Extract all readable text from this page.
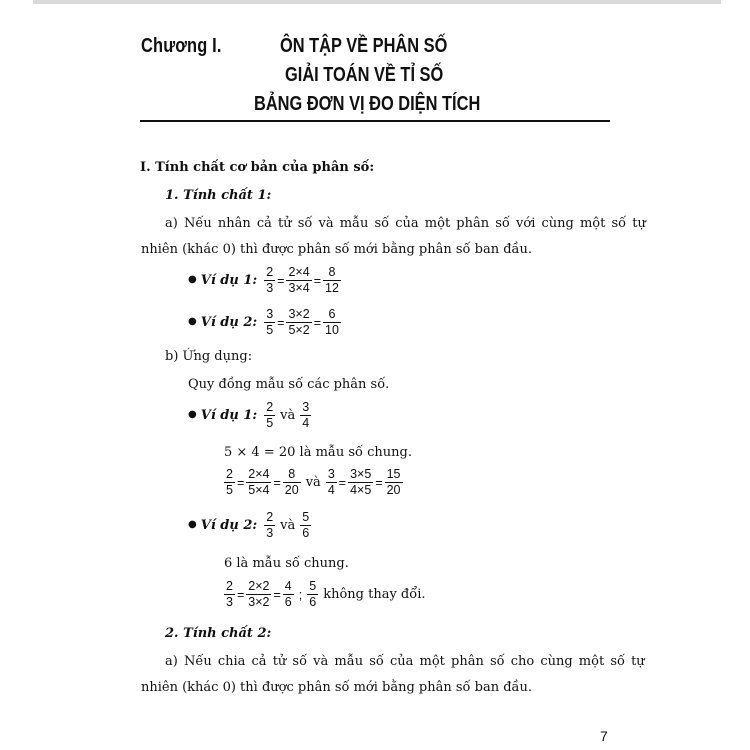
Chương I.	ÔN TẬP VỀ PHÂN SỐ
GIẢI TOÁN VỀ TỈ SỐ
BẢNG ĐƠN VỊ ĐO DIỆN TÍCH
I. Tính chất cơ bản của phân số:
1. Tính chất 1:
a) Nếu nhân cả tử số và mẫu số của một phân số với cùng một số tự
nhiên (khác 0) thì được phân số mới bằng phân số ban đầu.
● Ví dụ 1: $\frac{2}{3} = \frac{2\times 4}{3\times 4} = \frac{8}{12}$
● Ví dụ 2: $\frac{3}{5} = \frac{3\times 2}{5\times 2} = \frac{6}{10}$
b) Ứng dụng:
Quy đồng mẫu số các phân số.
● Ví dụ 1: $\frac{2}{5}$ và $\frac{3}{4}$
5 × 4 = 20 là mẫu số chung.
$\frac{2}{5} = \frac{2\times 4}{5\times 4} = \frac{8}{20}$ và $\frac{3}{4} = \frac{3\times 5}{4\times 5} = \frac{15}{20}$
● Ví dụ 2: $\frac{2}{3}$ và $\frac{5}{6}$
6 là mẫu số chung.
$\frac{2}{3} = \frac{2\times 2}{3\times 2} = \frac{4}{6}$ ; $\frac{5}{6}$ không thay đổi.
2. Tính chất 2:
a) Nếu chia cả tử số và mẫu số của một phân số cho cùng một số tự
nhiên (khác 0) thì được phân số mới bằng phân số ban đầu.
7
